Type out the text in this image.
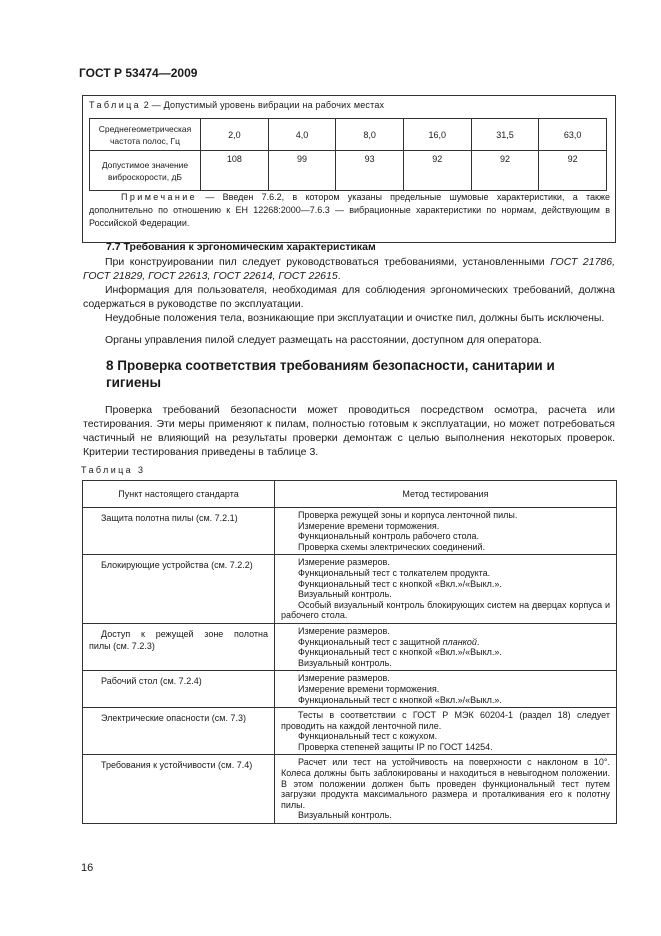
ГОСТ Р 53474—2009
Таблица 2 — Допустимый уровень вибрации на рабочих местах
Среднегеометрическая частота полос, Гц	2,0	4,0	8,0	16,0	31,5	63,0
Допустимое значение виброскорости, дБ	108	99	93	92	92	92
Примечание — Введен 7.6.2, в котором указаны предельные шумовые характеристики, а также дополнительно по отношению к ЕН 12268:2000—7.6.3 — вибрационные характеристики по нормам, действующим в Российской Федерации.
7.7 Требования к эргономическим характеристикам
При конструировании пил следует руководствоваться требованиями, установленными ГОСТ 21786, ГОСТ 21829, ГОСТ 22613, ГОСТ 22614, ГОСТ 22615.
Информация для пользователя, необходимая для соблюдения эргономических требований, должна содержаться в руководстве по эксплуатации.
Неудобные положения тела, возникающие при эксплуатации и очистке пил, должны быть исключены.
Органы управления пилой следует размещать на расстоянии, доступном для оператора.
8 Проверка соответствия требованиям безопасности, санитарии и гигиены
Проверка требований безопасности может проводиться посредством осмотра, расчета или тестирования. Эти меры применяют к пилам, полностью готовым к эксплуатации, но может потребоваться частичный не влияющий на результаты проверки демонтаж с целью выполнения некоторых проверок. Критерии тестирования приведены в таблице 3.
Таблица 3
Пункт настоящего стандарта	Метод тестирования

Защита полотна пилы (см. 7.2.1)	Проверка режущей зоны и корпуса ленточной пилы.
Измерение времени торможения.
Функциональный контроль рабочего стола.
Проверка схемы электрических соединений.

Блокирующие устройства (см. 7.2.2)	Измерение размеров.
Функциональный тест с толкателем продукта.
Функциональный тест с кнопкой «Вкл.»/«Выкл.».
Визуальный контроль.
Особый визуальный контроль блокирующих систем на дверцах корпуса и рабочего стола.

Доступ к режущей зоне полотна
пилы (см. 7.2.3)	Измерение размеров.
Функциональный тест с защитной планкой.
Функциональный тест с кнопкой «Вкл.»/«Выкл.».
Визуальный контроль.

Рабочий стол (см. 7.2.4)	Измерение размеров.
Измерение времени торможения.
Функциональный тест с кнопкой «Вкл.»/«Выкл.».

Электрические опасности (см. 7.3)	Тесты в соответствии с ГОСТ Р МЭК 60204-1 (раздел 18) следует проводить на каждой ленточной пиле.
Функциональный тест с кожухом.
Проверка степеней защиты IP по ГОСТ 14254.

Требования к устойчивости (см. 7.4)	Расчет или тест на устойчивость на поверхности с наклоном в 10°. Колеса должны быть заблокированы и находиться в невыгодном положении. В этом положении должен быть проведен функциональный тест путем загрузки продукта максимального размера и проталкивания его к полотну пилы.
Визуальный контроль.
16
